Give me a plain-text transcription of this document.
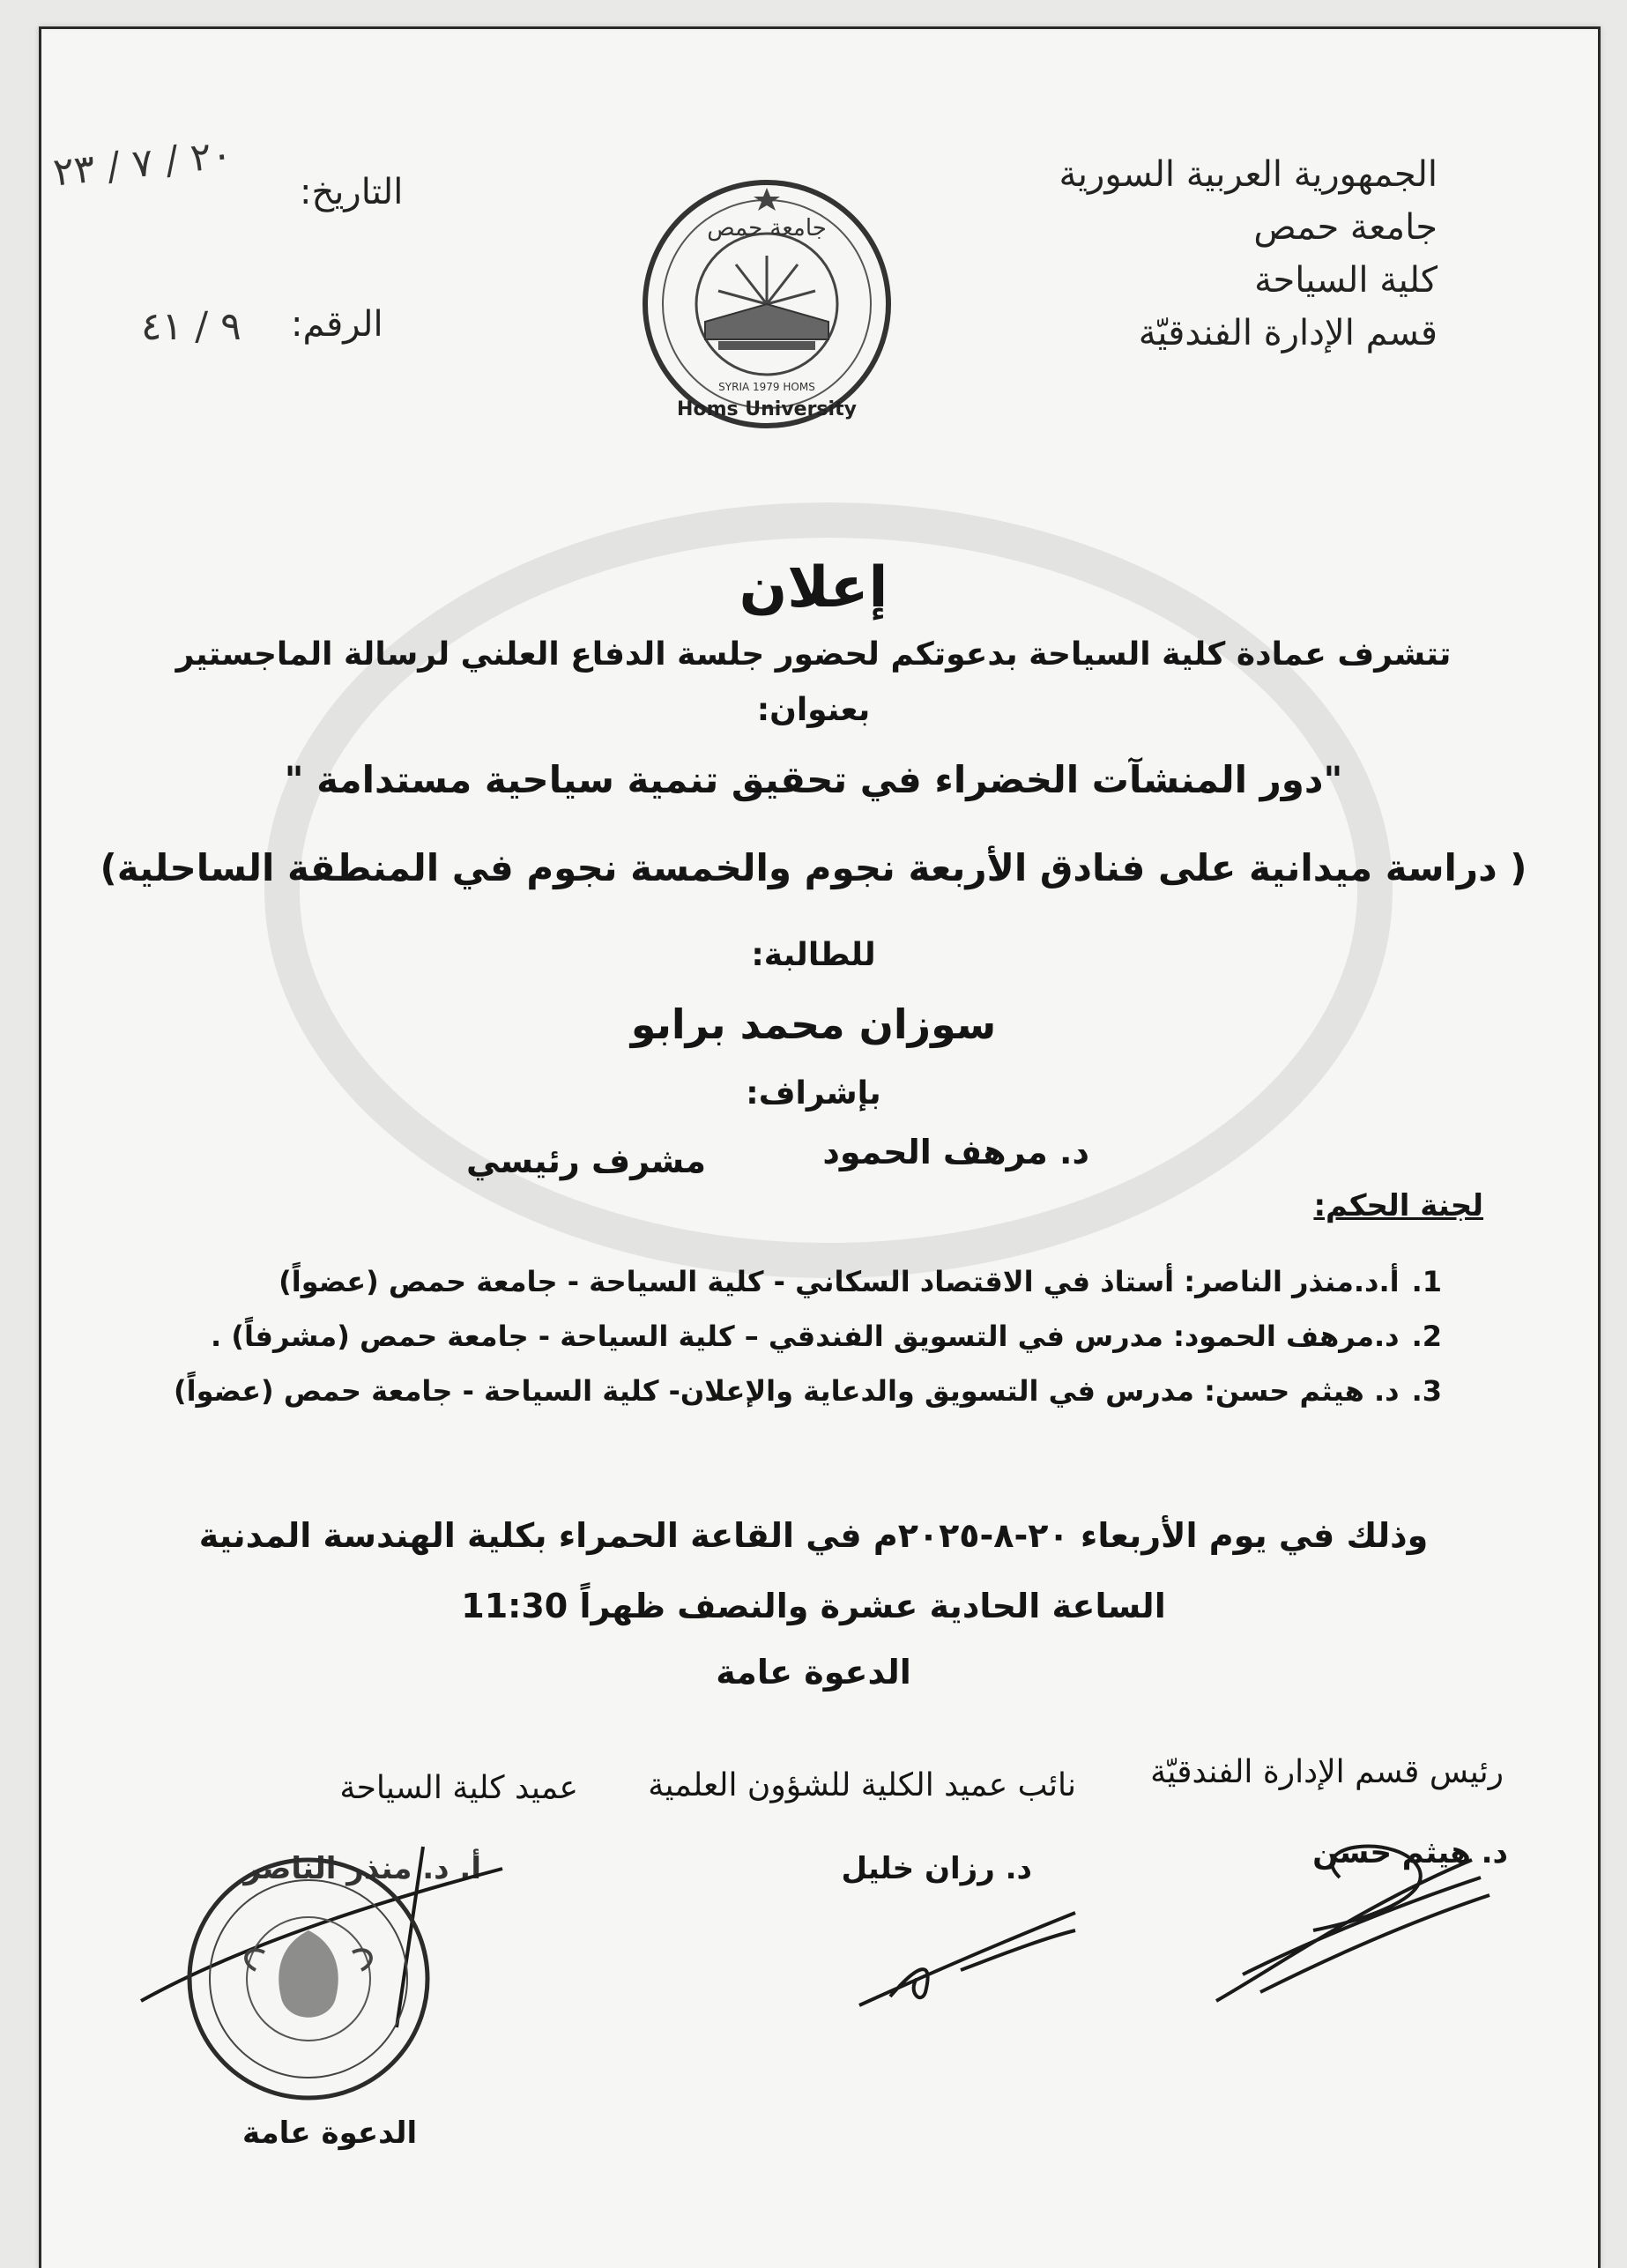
الجمهورية العربية السورية
جامعة حمص
كلية السياحة
قسم الإدارة الفندقيّة
التاريخ:
٢٠ / ٧ / ٢٣
الرقم:
٩ / ٤١
جامعة حمص
SYRIA 1979 HOMS
Homs University
إعلان
تتشرف عمادة كلية السياحة بدعوتكم لحضور جلسة الدفاع العلني لرسالة الماجستير
بعنوان:
"دور المنشآت الخضراء في تحقيق تنمية سياحية مستدامة "
( دراسة ميدانية على فنادق الأربعة نجوم والخمسة نجوم في المنطقة الساحلية)
للطالبة:
سوزان محمد برابو
بإشراف:
د. مرهف الحمود
مشرف رئيسي
لجنة الحكم:
1.أ.د.منذر الناصر: أستاذ في الاقتصاد السكاني - كلية السياحة - جامعة حمص (عضواً)
2.د.مرهف الحمود: مدرس في التسويق الفندقي – كلية السياحة - جامعة حمص (مشرفاً) .
3.د. هيثم حسن: مدرس في التسويق والدعاية والإعلان- كلية السياحة - جامعة حمص (عضواً)
وذلك في يوم الأربعاء ٢٠-٨-٢٠٢٥م في القاعة الحمراء بكلية الهندسة المدنية
الساعة الحادية عشرة والنصف ظهراً 11:30
الدعوة عامة
رئيس قسم الإدارة الفندقيّة
نائب عميد الكلية للشؤون العلمية
عميد كلية السياحة
د. هيثم حسن
د. رزان خليل
أ. د. منذر الناصر
الدعوة عامة
